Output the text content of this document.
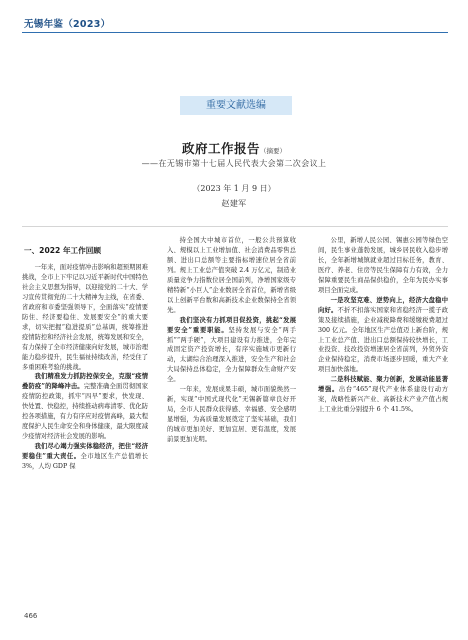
无锡年鉴（2023）
重要文献选编
政府工作报告（摘要）
——在无锡市第十七届人民代表大会第二次会议上
（2023 年 1 月 9 日）
赵建军
一、2022 年工作回顾

一年来，面对疫情冲击影响和超预期困难挑战，全市上下牢记以习近平新时代中国特色社会主义思想为指导，以迎接党的二十大、学习宣传贯彻党的二十大精神为主线，在省委、省政府和市委坚强领导下，全面落实“疫情要防住、经济要稳住、发展要安全”的重大要求，切实把握“稳进提质”总基调，统筹推进疫情防控和经济社会发展，统筹发展和安全，有力保持了全市经济健康向好发展，城市治理能力稳步提升，民生福祉持续改善，经受住了多重困难考验的挑战。

我们精准发力抓防控保安全，克服“疫情叠防疫”的降峰冲击。完整准确全面贯彻国家疫情防控政策，抓牢“四早”要求，快发现、快处置、快稳控，持续推动病毒清零、优化防控各项措施，有力有序应对疫情高峰，最大程度保护人民生命安全和身体健康，最大限度减少疫情对经济社会发展的影响。

我们尽心竭力强实体稳经济，把住“经济要稳住”重大责任。全市地区生产总值增长 3%，人均 GDP 保

持全国大中城市首位，一般公共预算收入、规模以上工业增加值、社会消费品零售总额、进出口总额等主要指标增速位居全省前列。规上工业总产值突破 2.4 万亿元，制造业质量竞争力指数位居全国前列，净增国家级专精特新“小巨人”企业数居全省首位，新增省级以上创新平台数和高新技术企业数保持全省领先。

我们坚决有力抓项目促投资，挑起“发展要安全”重要职能。坚持发展与安全“两手抓”“两手硬”，大项目建设有力推进，全年完成固定资产投资增长，有序实施城市更新行动，太湖综合治理深入推进，安全生产和社会大局保持总体稳定，全力保障群众生命财产安全。

一年来，发展成果丰硕，城市面貌焕然一新，实现“中国式现代化”无锡新篇章良好开局，全市人民群众获得感、幸福感、安全感明显增强，为高质量发展奠定了坚实基础，我们的城市更加美好、更加宜居、更有温度，发展前景更加光明。

公里，新增人民公园、锡惠公园等绿色空间，民生事业蓬勃发展，城乡居民收入稳步增长，全年新增城镇就业超过目标任务，教育、医疗、养老、住房等民生保障有力有效，全力保障重要民生商品保供稳价，全年为民办实事项目全面完成。

一是攻坚克难、逆势向上，经济大盘稳中向好。不折不扣落实国家和省稳经济一揽子政策及接续措施，企业减税降费和缓缴税费超过 300 亿元。全年地区生产总值迈上新台阶，规上工业总产值、进出口总额保持较快增长，工业投资、技改投资增速居全省前列，外贸外资企业保持稳定，消费市场逐步回暖，重大产业项目加快落地。

二是科技赋能、聚力创新，发展动能显著增强。出台“465”现代产业体系建设行动方案，战略性新兴产业、高新技术产业产值占规上工业比重分别提升 6 个 41.5%。

466
